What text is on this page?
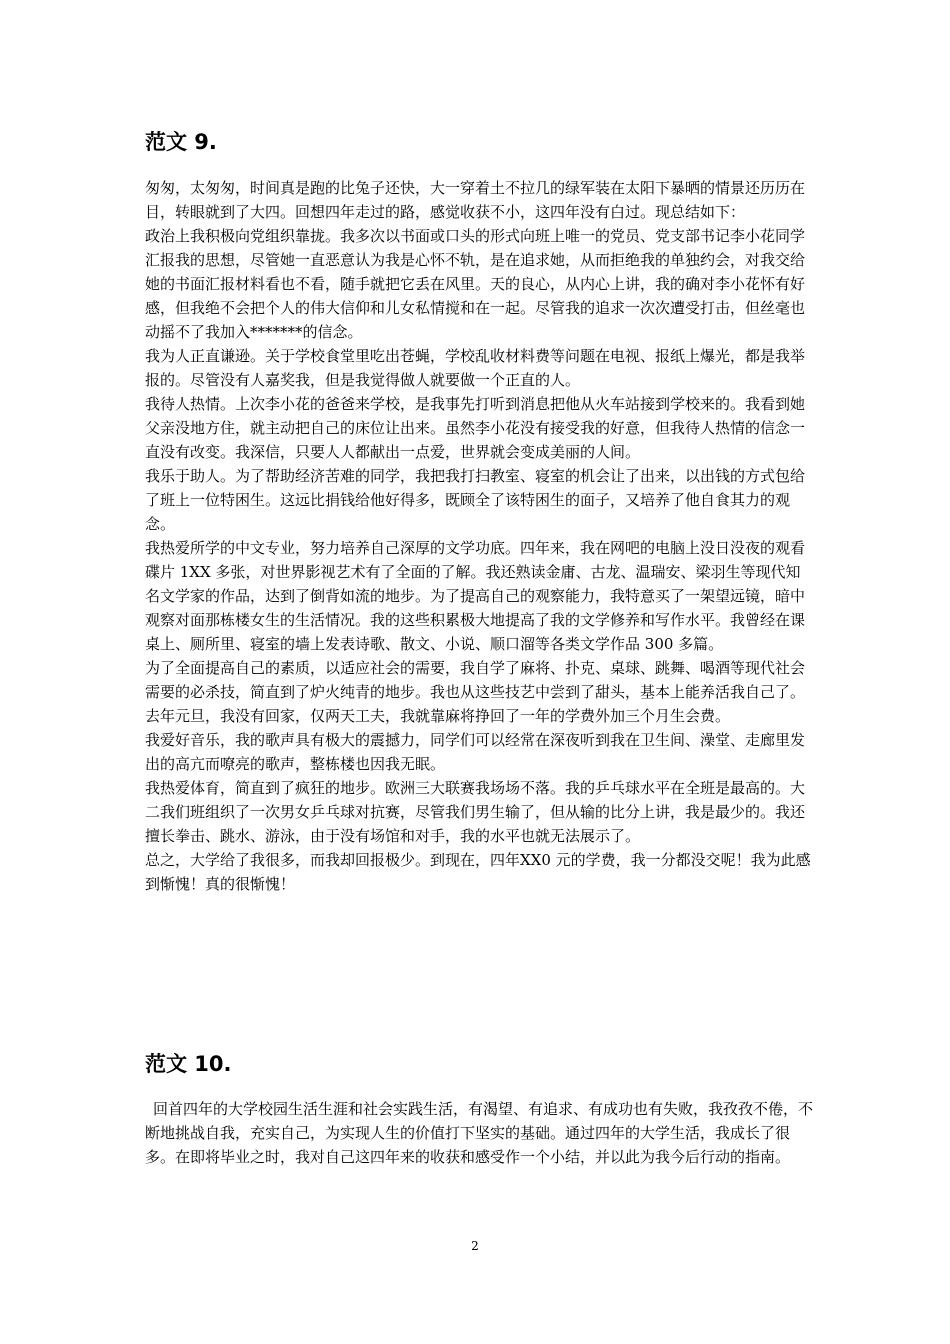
范文 9.

匆匆，太匆匆，时间真是跑的比兔子还快，大一穿着土不拉几的绿军装在太阳下暴晒的情景还历历在目，转眼就到了大四。回想四年走过的路，感觉收获不小，这四年没有白过。现总结如下：

政治上我积极向党组织靠拢。我多次以书面或口头的形式向班上唯一的党员、党支部书记李小花同学汇报我的思想，尽管她一直恶意认为我是心怀不轨，是在追求她，从而拒绝我的单独约会，对我交给她的书面汇报材料看也不看，随手就把它丢在风里。天的良心，从内心上讲，我的确对李小花怀有好感，但我绝不会把个人的伟大信仰和儿女私情搅和在一起。尽管我的追求一次次遭受打击，但丝毫也动摇不了我加入*******的信念。

我为人正直谦逊。关于学校食堂里吃出苍蝇，学校乱收材料费等问题在电视、报纸上爆光，都是我举报的。尽管没有人嘉奖我，但是我觉得做人就要做一个正直的人。

我待人热情。上次李小花的爸爸来学校，是我事先打听到消息把他从火车站接到学校来的。我看到她父亲没地方住，就主动把自己的床位让出来。虽然李小花没有接受我的好意，但我待人热情的信念一直没有改变。我深信，只要人人都献出一点爱，世界就会变成美丽的人间。

我乐于助人。为了帮助经济苦难的同学，我把我打扫教室、寝室的机会让了出来，以出钱的方式包给了班上一位特困生。这远比捐钱给他好得多，既顾全了该特困生的面子，又培养了他自食其力的观念。

我热爱所学的中文专业，努力培养自己深厚的文学功底。四年来，我在网吧的电脑上没日没夜的观看碟片 1XX 多张，对世界影视艺术有了全面的了解。我还熟读金庸、古龙、温瑞安、梁羽生等现代知名文学家的作品，达到了倒背如流的地步。为了提高自己的观察能力，我特意买了一架望远镜，暗中观察对面那栋楼女生的生活情况。我的这些积累极大地提高了我的文学修养和写作水平。我曾经在课桌上、厕所里、寝室的墙上发表诗歌、散文、小说、顺口溜等各类文学作品 300 多篇。

为了全面提高自己的素质，以适应社会的需要，我自学了麻将、扑克、桌球、跳舞、喝酒等现代社会需要的必杀技，简直到了炉火纯青的地步。我也从这些技艺中尝到了甜头，基本上能养活我自己了。去年元旦，我没有回家，仅两天工夫，我就靠麻将挣回了一年的学费外加三个月生会费。

我爱好音乐，我的歌声具有极大的震撼力，同学们可以经常在深夜听到我在卫生间、澡堂、走廊里发出的高亢而嘹亮的歌声，整栋楼也因我无眠。

我热爱体育，简直到了疯狂的地步。欧洲三大联赛我场场不落。我的乒乓球水平在全班是最高的。大二我们班组织了一次男女乒乓球对抗赛，尽管我们男生输了，但从输的比分上讲，我是最少的。我还擅长拳击、跳水、游泳，由于没有场馆和对手，我的水平也就无法展示了。

总之，大学给了我很多，而我却回报极少。到现在，四年XX0 元的学费，我一分都没交呢！我为此感到惭愧！真的很惭愧！

范文 10.

回首四年的大学校园生活生涯和社会实践生活，有渴望、有追求、有成功也有失败，我孜孜不倦，不断地挑战自我，充实自己，为实现人生的价值打下坚实的基础。通过四年的大学生活，我成长了很多。在即将毕业之时，我对自己这四年来的收获和感受作一个小结，并以此为我今后行动的指南。

2
